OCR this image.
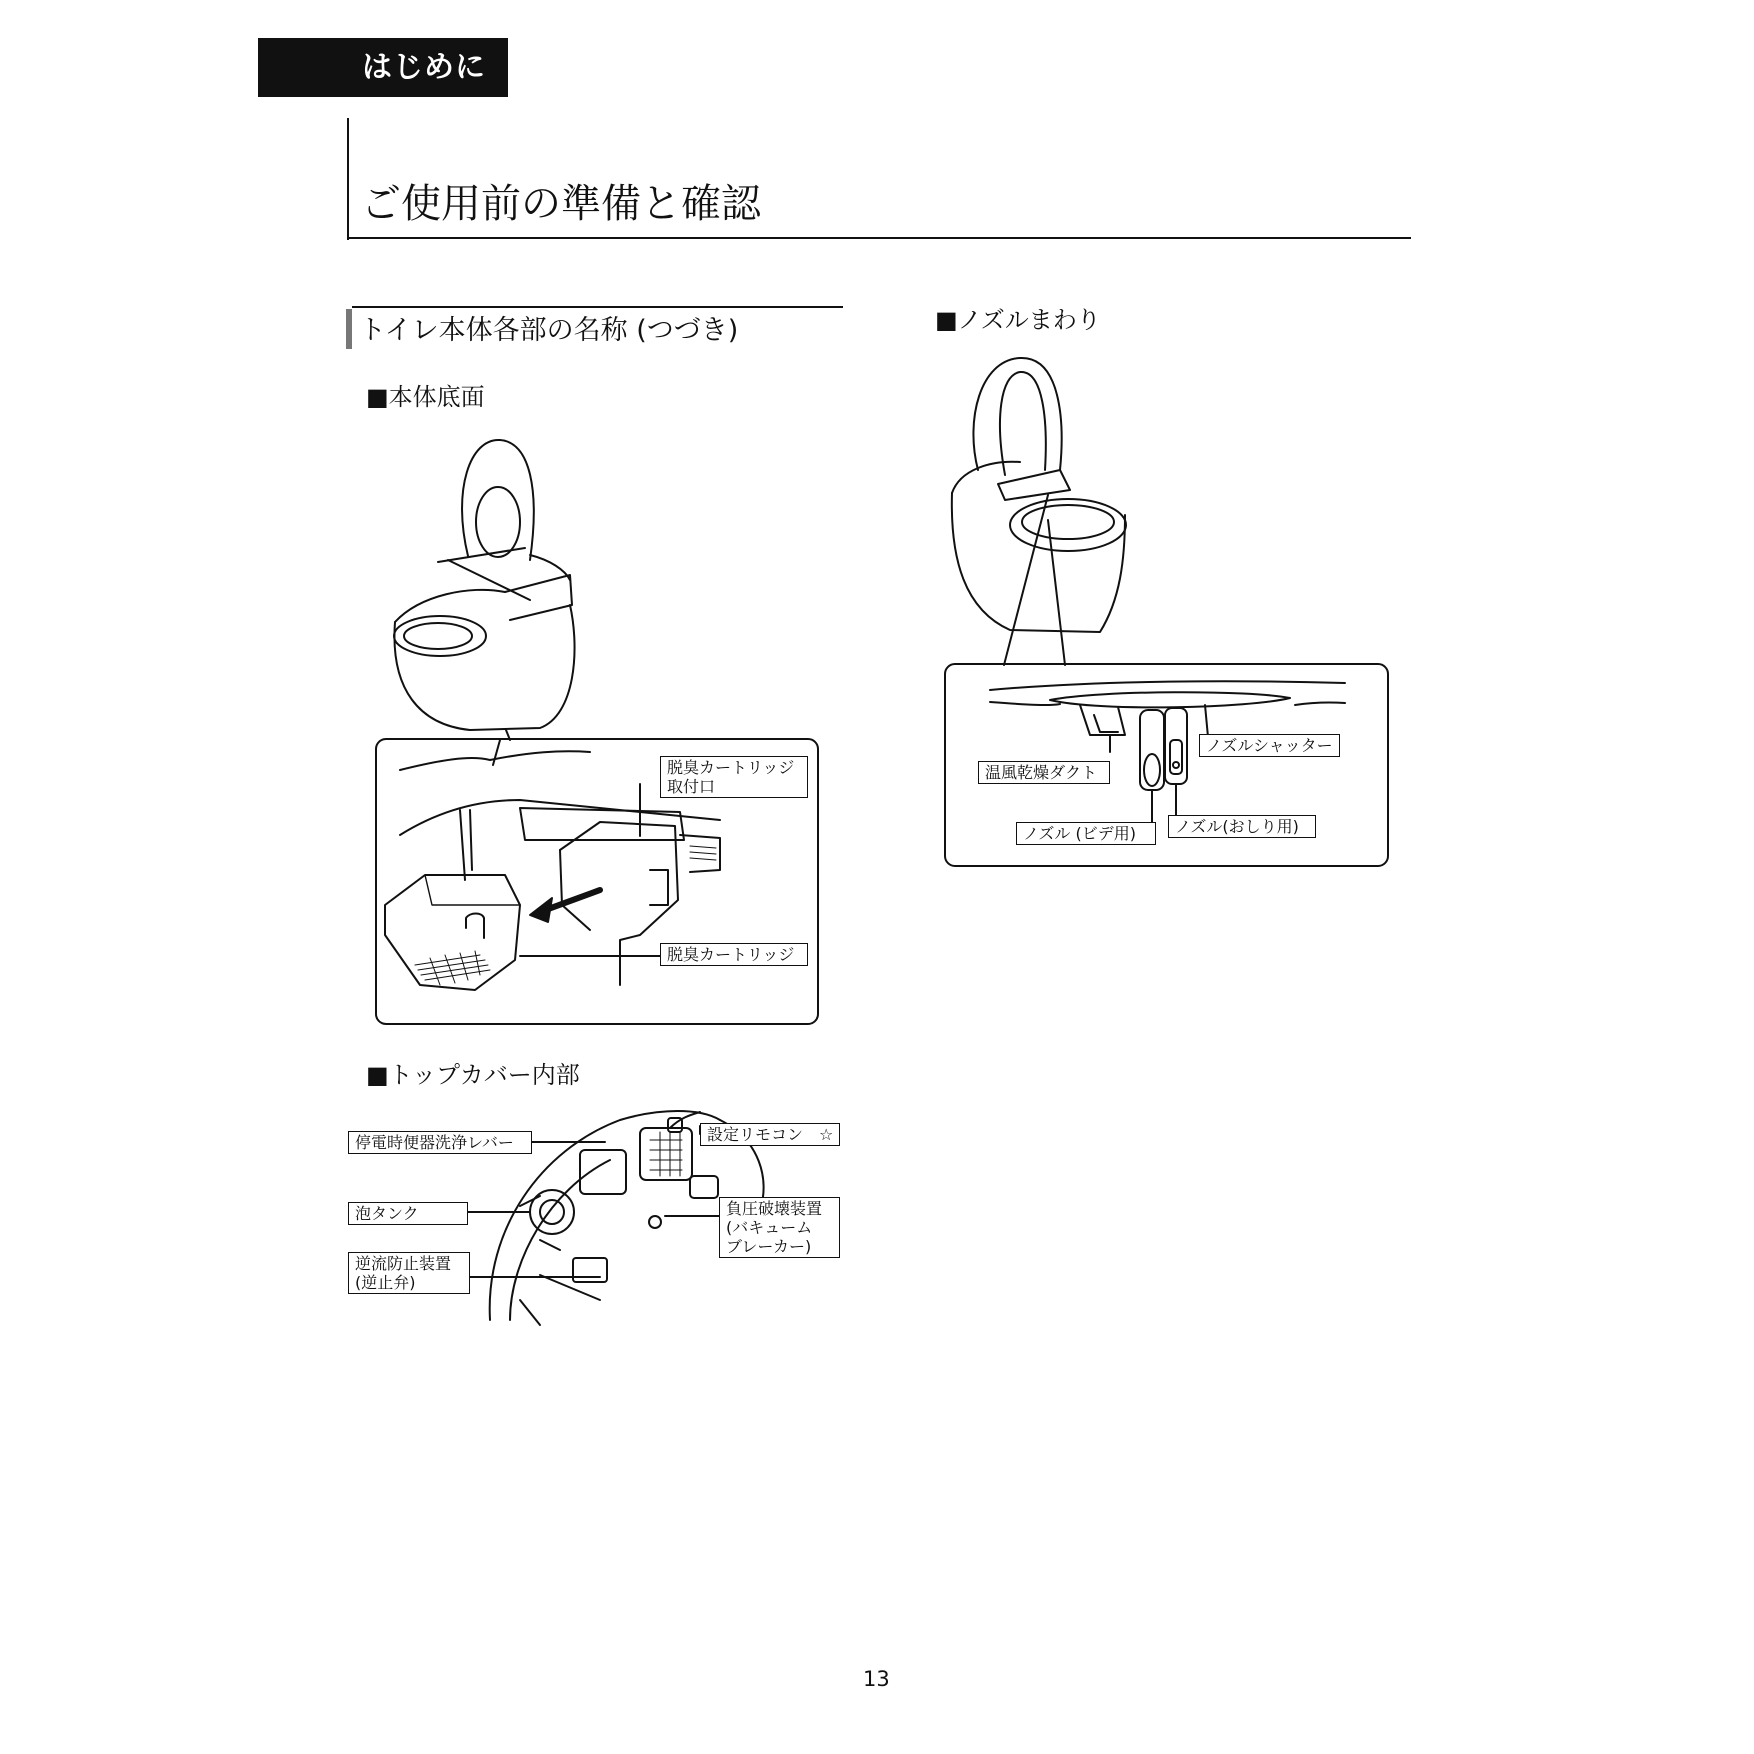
はじめに
ご使用前の準備と確認
トイレ本体各部の名称 (つづき)
■本体底面
■トップカバー内部
■ノズルまわり
脱臭カートリッジ
取付口
脱臭カートリッジ
停電時便器洗浄レバー	設定リモコン　☆
泡タンク	負圧破壊装置
(バキューム
ブレーカー)
逆流防止装置
(逆止弁)
ノズルシャッター
温風乾燥ダクト
ノズル (ビデ用)	ノズル(おしり用)
13
